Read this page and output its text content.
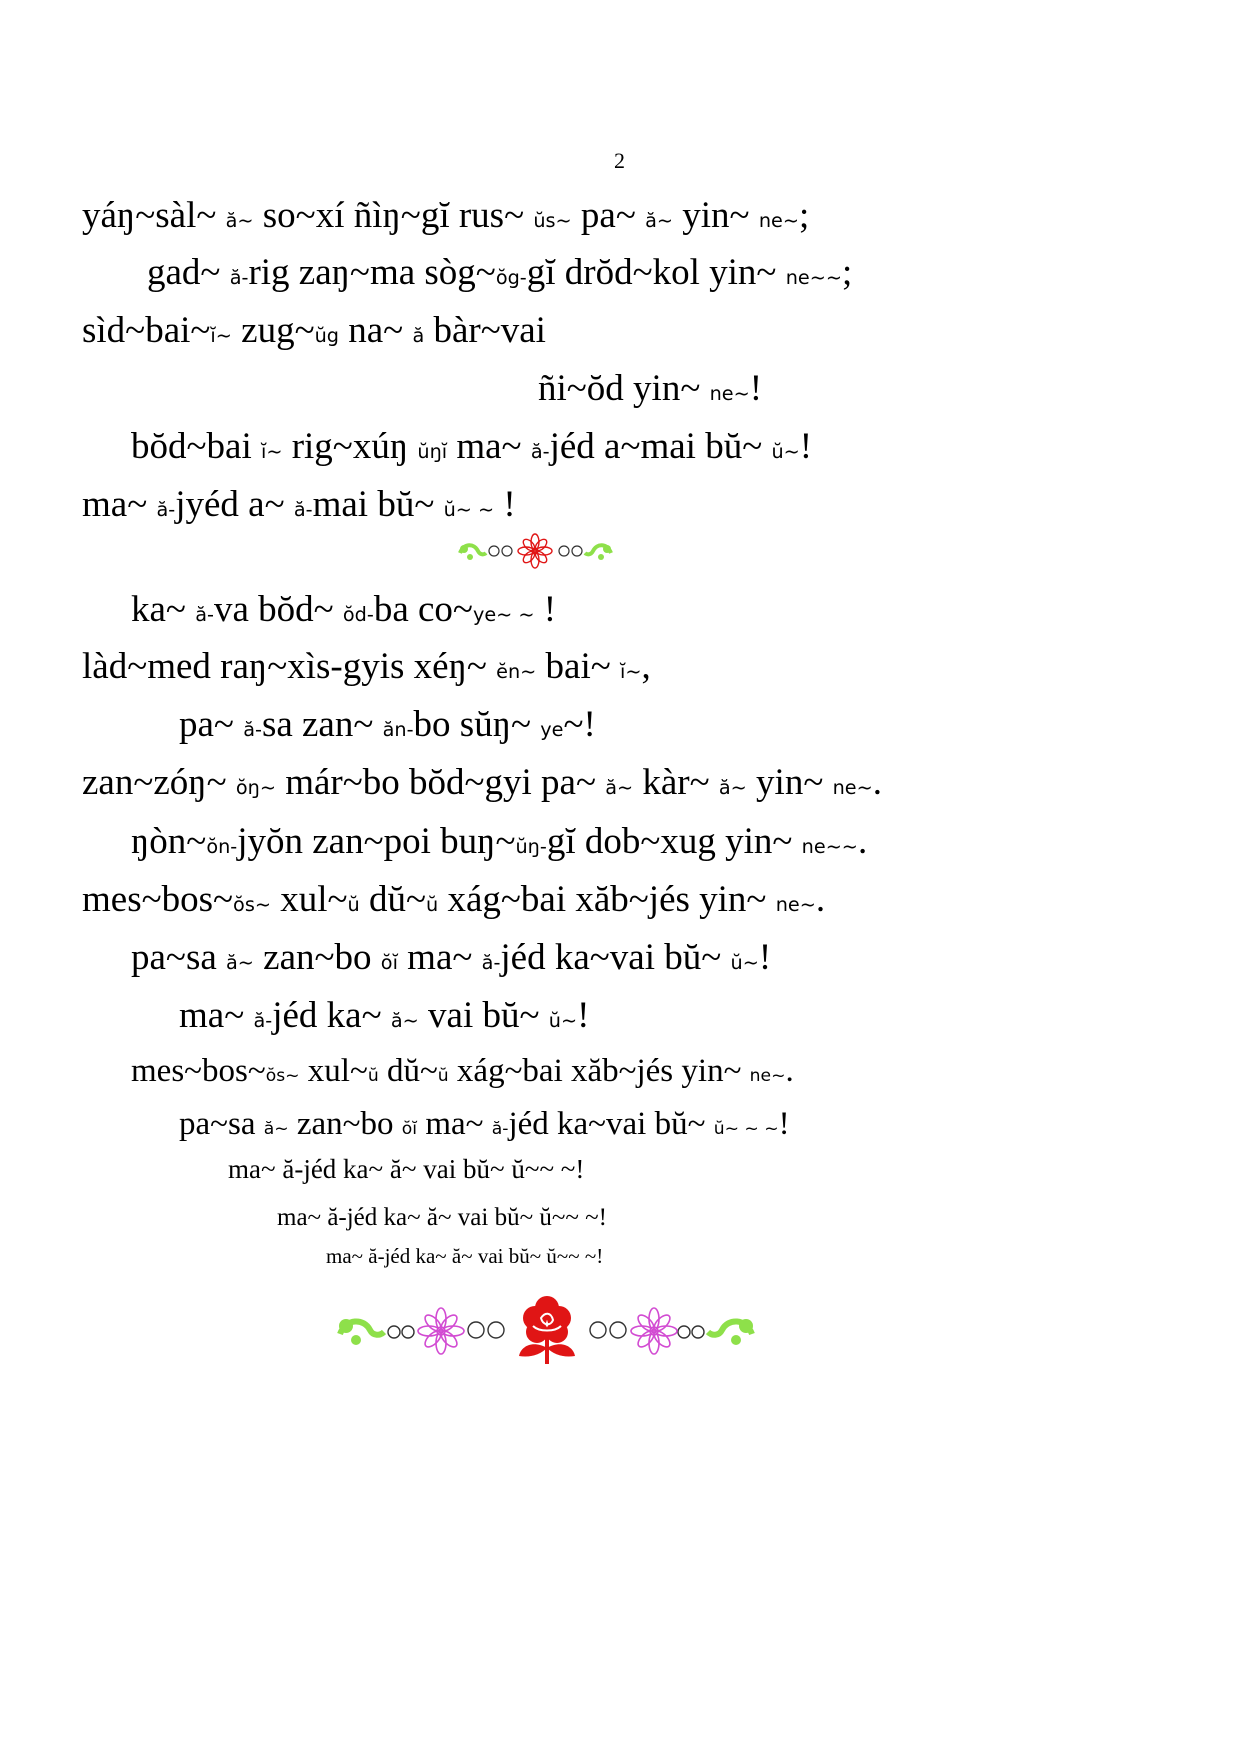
2
yáŋ~sàl~ ă~ so~xí ñìŋ~gĭ rus~ ŭs~ pa~ ă~ yin~ ne~;
gad~ ă-rig zaŋ~ma sòg~ŏg-gĭ drŏd~kol yin~ ne~~;
sìd~bai~ĭ~ zug~ŭg na~ ă bàr~vai
ñi~ŏd yin~ ne~!
bŏd~bai ĭ~ rig~xúŋ ŭŋĭ ma~ ă-jéd a~mai bŭ~ ŭ~!
ma~ ă-jyéd a~ ă-mai bŭ~ ŭ~ ~ !
ka~ ă-va bŏd~ ŏd-ba co~ye~ ~ !
làd~med raŋ~xìs-gyis xéŋ~ ĕn~ bai~ ĭ~,
pa~ ă-sa zan~ ăn-bo sŭŋ~ ye~!
zan~zóŋ~ ŏŋ~ már~bo bŏd~gyi pa~ ă~ kàr~ ă~ yin~ ne~.
ŋòn~ŏn-jyŏn zan~poi buŋ~ŭŋ-gĭ dob~xug yin~ ne~~.
mes~bos~ŏs~ xul~ŭ dŭ~ŭ xág~bai xăb~jés yin~ ne~.
pa~sa ă~ zan~bo ŏĭ ma~ ă-jéd ka~vai bŭ~ ŭ~!
ma~ ă-jéd ka~ ă~ vai bŭ~ ŭ~!
mes~bos~ŏs~ xul~ŭ dŭ~ŭ xág~bai xăb~jés yin~ ne~.
pa~sa ă~ zan~bo ŏĭ ma~ ă-jéd ka~vai bŭ~ ŭ~ ~ ~!
ma~ ă-jéd ka~ ă~ vai bŭ~ ŭ~~ ~!
ma~ ă-jéd ka~ ă~ vai bŭ~ ŭ~~ ~!
ma~ ă-jéd ka~ ă~ vai bŭ~ ŭ~~ ~!
